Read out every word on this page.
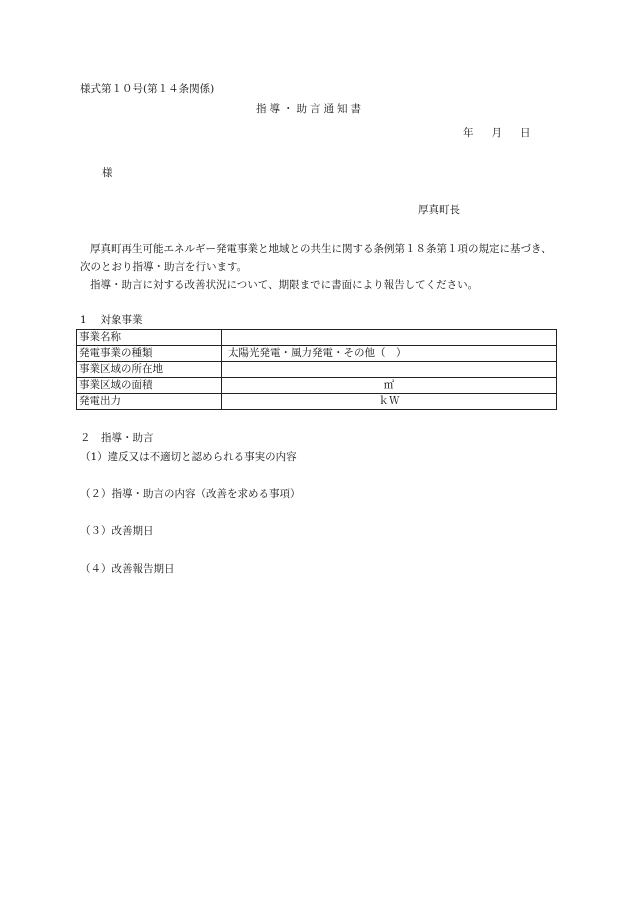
様式第１０号(第１４条関係)
指導・助言通知書
年 月 日
様
厚真町長
厚真町再生可能エネルギー発電事業と地域との共生に関する条例第１８条第１項の規定に基づき、次のとおり指導・助言を行います。
指導・助言に対する改善状況について、期限までに書面により報告してください。
1　 対象事業
事業名称	
発電事業の種類	太陽光発電・風力発電・その他（　）
事業区域の所在地	
事業区域の面積	㎡
発電出力	ｋＷ
２　指導・助言
（1）違反又は不適切と認められる事実の内容
（２）指導・助言の内容（改善を求める事項）
（３）改善期日
（４）改善報告期日
